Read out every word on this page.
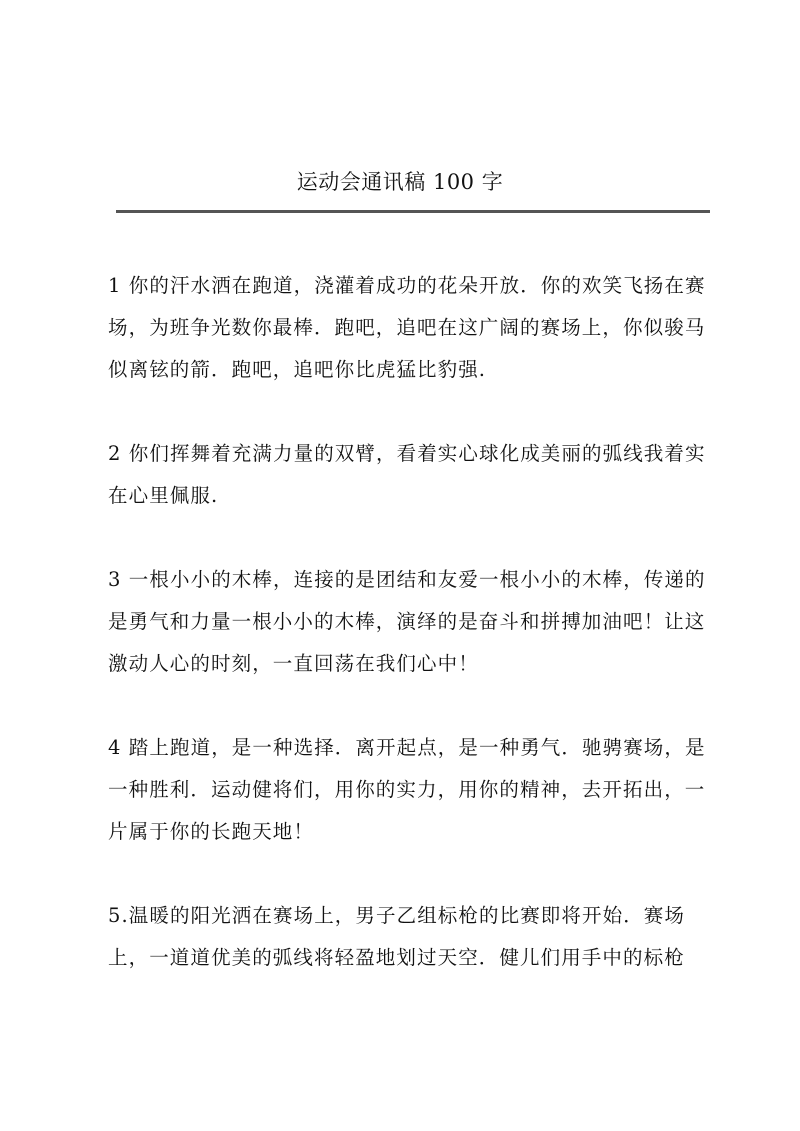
运动会通讯稿 100 字

1 你的汗水洒在跑道，浇灌着成功的花朵开放．你的欢笑飞扬在赛场，为班争光数你最棒．跑吧，追吧在这广阔的赛场上，你似骏马似离铉的箭．跑吧，追吧你比虎猛比豹强.

2 你们挥舞着充满力量的双臂，看着实心球化成美丽的弧线我着实在心里佩服.

3 一根小小的木棒，连接的是团结和友爱一根小小的木棒，传递的是勇气和力量一根小小的木棒，演绎的是奋斗和拼搏加油吧！让这激动人心的时刻，一直回荡在我们心中！

4 踏上跑道，是一种选择．离开起点，是一种勇气．驰骋赛场，是一种胜利．运动健将们，用你的实力，用你的精神，去开拓出，一片属于你的长跑天地！

5.温暖的阳光洒在赛场上，男子乙组标枪的比赛即将开始．赛场上，一道道优美的弧线将轻盈地划过天空．健儿们用手中的标枪
